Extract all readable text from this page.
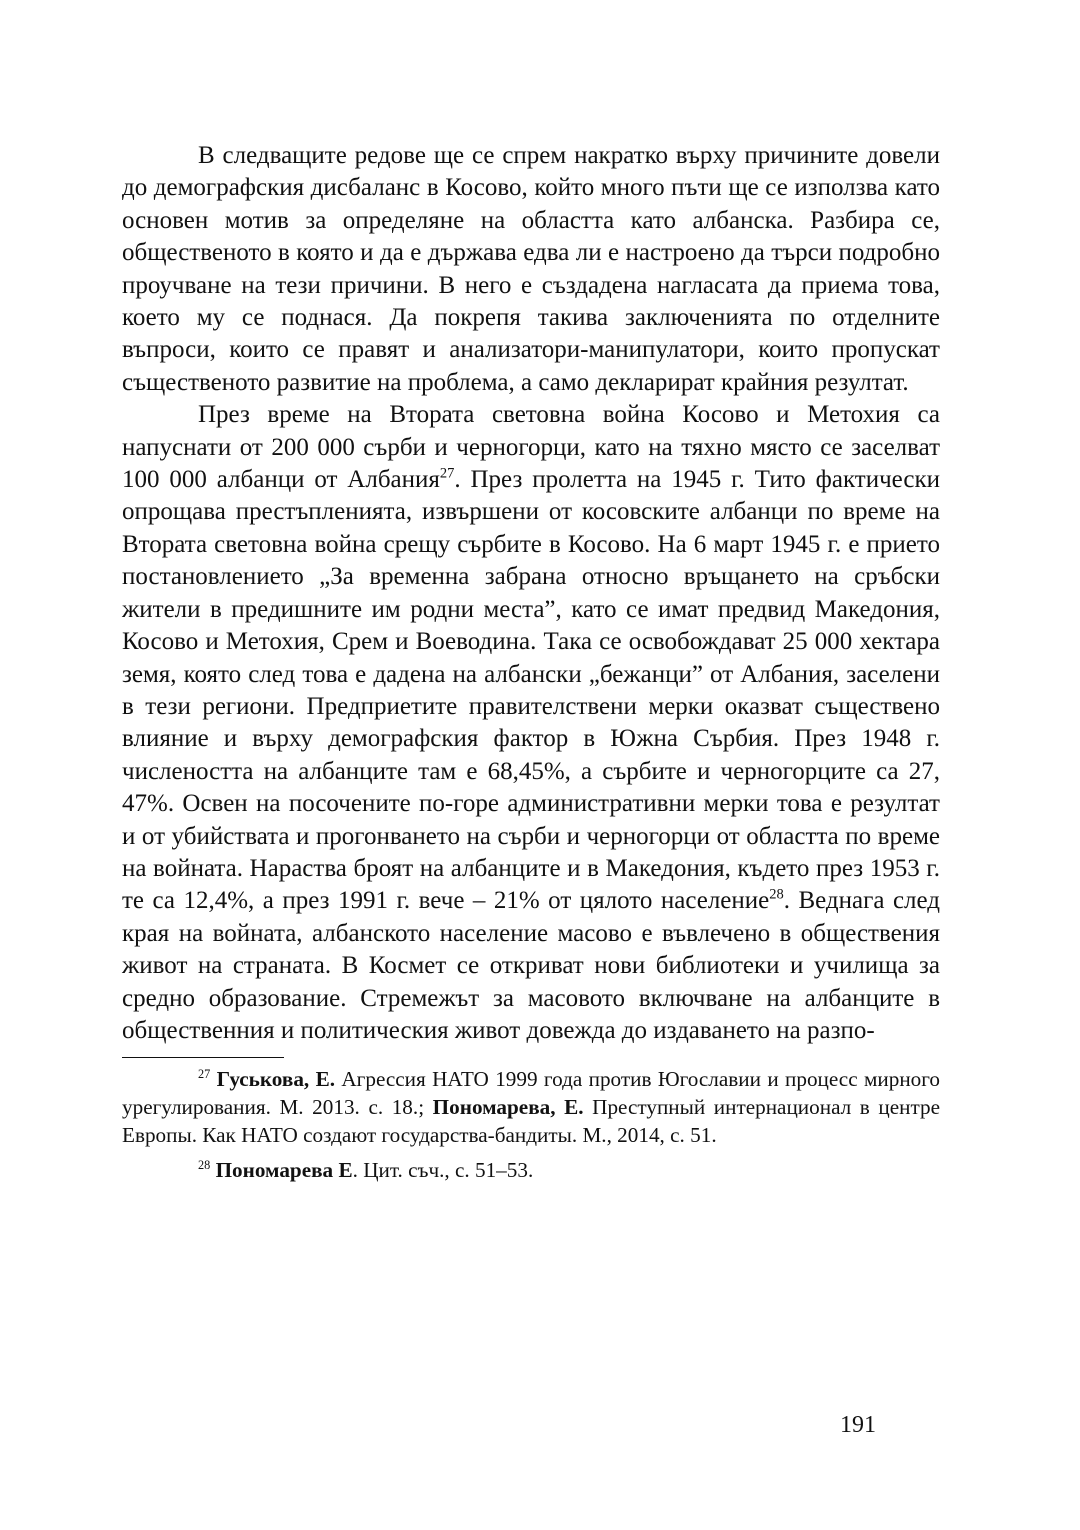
В следващите редове ще се спрем накратко върху причините довели до демографския дисбаланс в Косово, който много пъти ще се използва като основен мотив за определяне на областта като албанска. Разбира се, общественото в която и да е държава едва ли е настроено да търси подробно проучване на тези причини. В него е създадена нагласата да приема това, което му се поднася. Да покрепя такива заключенията по отделните въпроси, които се правят и анализатори-манипулатори, които пропускат същественото развитие на проблема, а само декларират крайния резултат.

През време на Втората световна война Косово и Метохия са напуснати от 200 000 сърби и черногорци, като на тяхно място се заселват 100 000 албанци от Албания$^{27}$. През пролетта на 1945 г. Тито фактически опрощава престъпленията, извършени от косовските албанци по време на Втората световна война срещу сърбите в Косово. На 6 март 1945 г. е прието постановлението „За временна забрана относно връщането на сръбски жители в предишните им родни места”, като се имат предвид Македония, Косово и Метохия, Срем и Воеводина. Така се освобождават 25 000 хектара земя, която след това е дадена на албански „бежанци” от Албания, заселени в тези региони. Предприетите правителствени мерки оказват съществено влияние и върху демографския фактор в Южна Сърбия. През 1948 г. числеността на албанците там е 68,45%, а сърбите и черногорците са 27, 47%. Освен на посочените по-горе административни мерки това е резултат и от убийствата и прогонването на сърби и черногорци от областта по време на войната. Нараства броят на албанците и в Македония, където през 1953 г. те са 12,4%, а през 1991 г. вече – 21% от цялото население$^{28}$. Веднага след края на войната, албанското население масово е въвлечено в обществения живот на страната. В Космет се откриват нови библиотеки и училища за средно образование. Стремежът за масовото включване на албанците в общественния и политическия живот довежда до издаването на разпо-

$^{27}$ Гуськова, Е. Агрессия НАТО 1999 года против Югославии и процесс мирного урегулирования. М. 2013. с. 18.; Пономарева, Е. Преступный интернационал в центре Европы. Как НАТО создают государства-бандиты. М., 2014, с. 51.

$^{28}$ Пономарева Е. Цит. съч., с. 51–53.

191
